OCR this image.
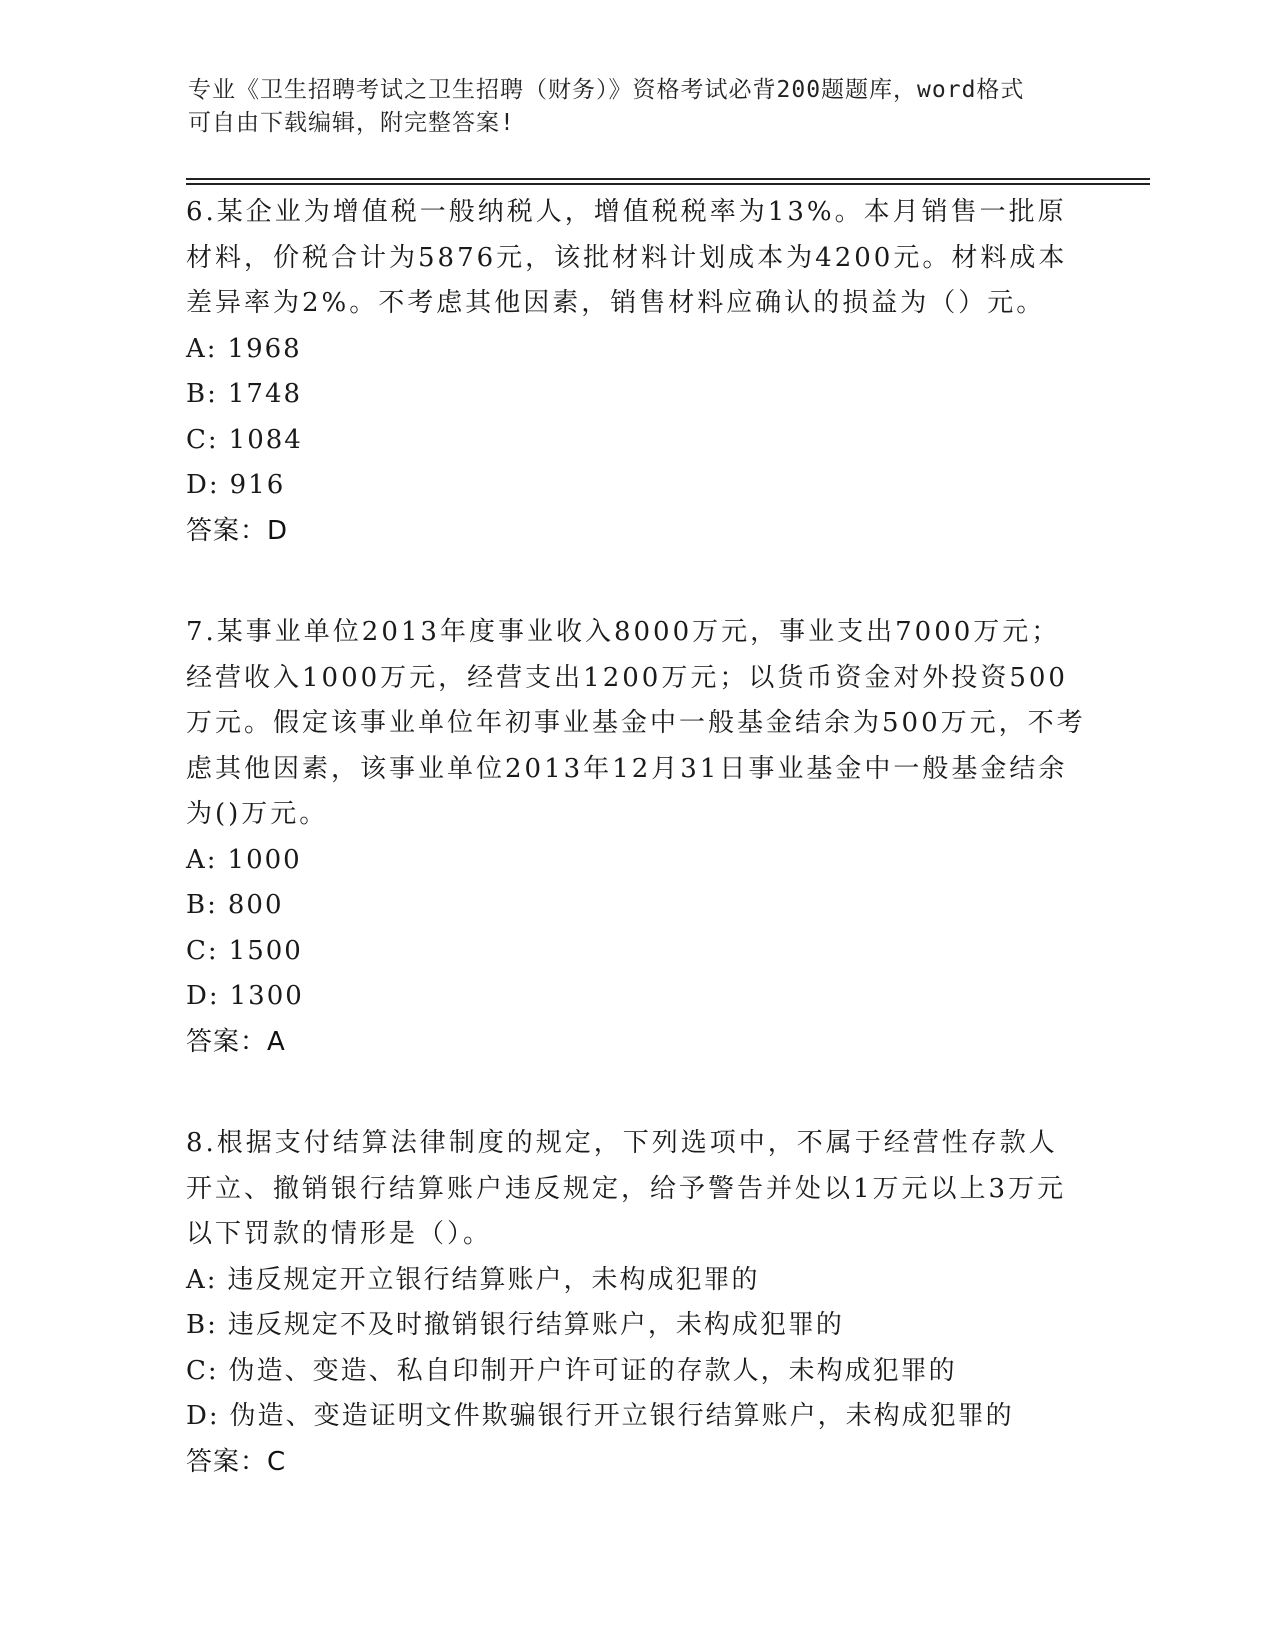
专业《卫生招聘考试之卫生招聘（财务）》资格考试必背200题题库，word格式
可自由下载编辑，附完整答案!

6.某企业为增值税一般纳税人，增值税税率为13%。本月销售一批原材料，价税合计为5876元，该批材料计划成本为4200元。材料成本差异率为2%。不考虑其他因素，销售材料应确认的损益为（）元。

A: 1968

B: 1748

C: 1084

D: 916

答案：D

7.某事业单位2013年度事业收入8000万元，事业支出7000万元；经营收入1000万元，经营支出1200万元；以货币资金对外投资500万元。假定该事业单位年初事业基金中一般基金结余为500万元，不考虑其他因素，该事业单位2013年12月31日事业基金中一般基金结余为()万元。

A: 1000

B: 800

C: 1500

D: 1300

答案：A

8.根据支付结算法律制度的规定，下列选项中，不属于经营性存款人开立、撤销银行结算账户违反规定，给予警告并处以1万元以上3万元以下罚款的情形是（）。

A: 违反规定开立银行结算账户，未构成犯罪的

B: 违反规定不及时撤销银行结算账户，未构成犯罪的

C: 伪造、变造、私自印制开户许可证的存款人，未构成犯罪的

D: 伪造、变造证明文件欺骗银行开立银行结算账户，未构成犯罪的

答案：C
